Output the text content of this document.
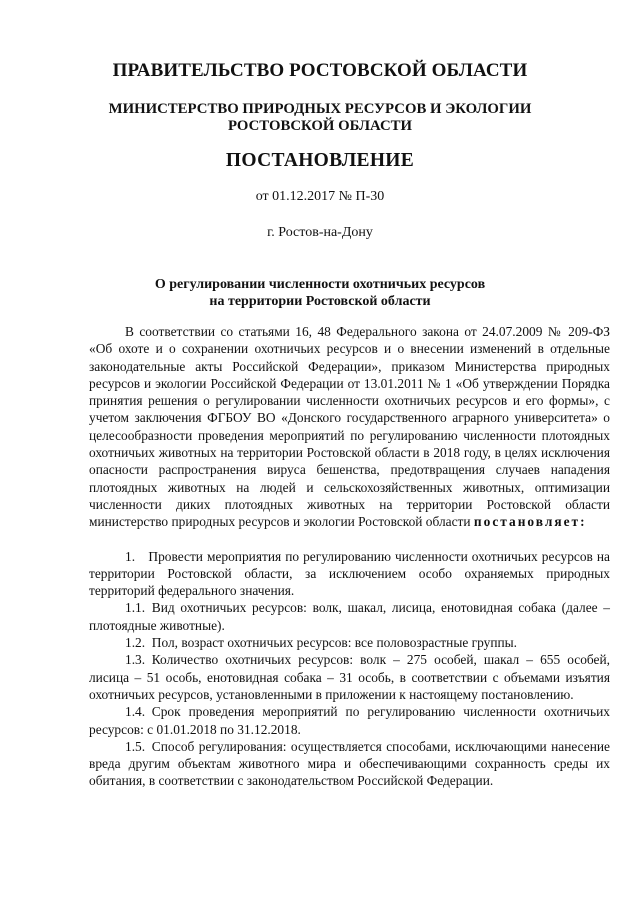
ПРАВИТЕЛЬСТВО РОСТОВСКОЙ ОБЛАСТИ
МИНИСТЕРСТВО ПРИРОДНЫХ РЕСУРСОВ И ЭКОЛОГИИ
РОСТОВСКОЙ ОБЛАСТИ
ПОСТАНОВЛЕНИЕ
от 01.12.2017 № П-30
г. Ростов-на-Дону
О регулировании численности охотничьих ресурсов
на территории Ростовской области

В соответствии со статьями 16, 48 Федерального закона от 24.07.2009 № 209-ФЗ «Об охоте и о сохранении охотничьих ресурсов и о внесении изменений в отдельные законодательные акты Российской Федерации», приказом Министерства природных ресурсов и экологии Российской Федерации от 13.01.2011 № 1 «Об утверждении Порядка принятия решения о регулировании численности охотничьих ресурсов и его формы», с учетом заключения ФГБОУ ВО «Донского государственного аграрного университета» о целесообразности проведения мероприятий по регулированию численности плотоядных охотничьих животных на территории Ростовской области в 2018 году, в целях исключения опасности распространения вируса бешенства, предотвращения случаев нападения плотоядных животных на людей и сельскохозяйственных животных, оптимизации численности диких плотоядных животных на территории Ростовской области министерство природных ресурсов и экологии Ростовской области постановляет:

1. Провести мероприятия по регулированию численности охотничьих ресурсов на территории Ростовской области, за исключением особо охраняемых природных территорий федерального значения.

1.1. Вид охотничьих ресурсов: волк, шакал, лисица, енотовидная собака (далее – плотоядные животные).

1.2. Пол, возраст охотничьих ресурсов: все половозрастные группы.

1.3. Количество охотничьих ресурсов: волк – 275 особей, шакал – 655 особей, лисица – 51 особь, енотовидная собака – 31 особь, в соответствии с объемами изъятия охотничьих ресурсов, установленными в приложении к настоящему постановлению.

1.4. Срок проведения мероприятий по регулированию численности охотничьих ресурсов: с 01.01.2018 по 31.12.2018.

1.5. Способ регулирования: осуществляется способами, исключающими нанесение вреда другим объектам животного мира и обеспечивающими сохранность среды их обитания, в соответствии с законодательством Российской Федерации.
